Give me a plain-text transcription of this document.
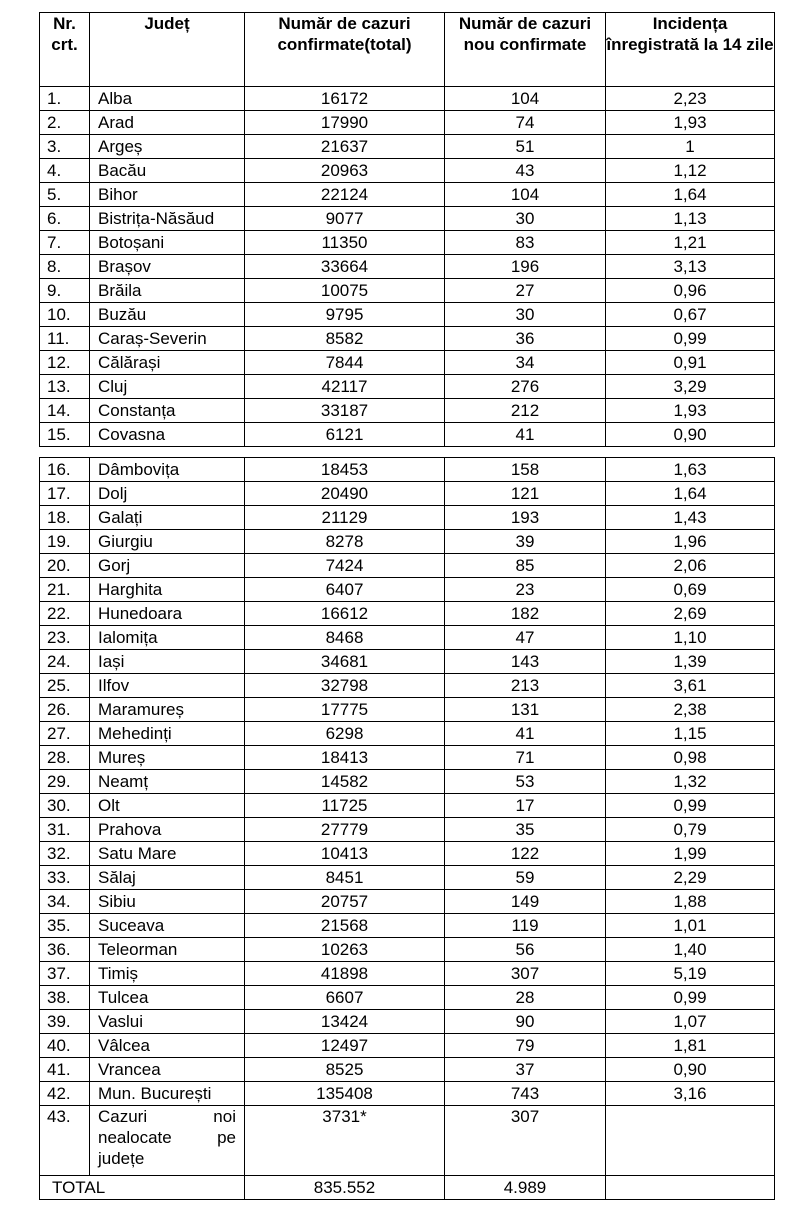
Nr. crt.	Județ	Număr de cazuri confirmate(total)	Număr de cazuri nou confirmate	Incidența înregistrată la 14 zile
1.	Alba	16172	104	2,23
2.	Arad	17990	74	1,93
3.	Argeș	21637	51	1
4.	Bacău	20963	43	1,12
5.	Bihor	22124	104	1,64
6.	Bistrița-Năsăud	9077	30	1,13
7.	Botoșani	11350	83	1,21
8.	Brașov	33664	196	3,13
9.	Brăila	10075	27	0,96
10.	Buzău	9795	30	0,67
11.	Caraș-Severin	8582	36	0,99
12.	Călărași	7844	34	0,91
13.	Cluj	42117	276	3,29
14.	Constanța	33187	212	1,93
15.	Covasna	6121	41	0,90
16.	Dâmbovița	18453	158	1,63
17.	Dolj	20490	121	1,64
18.	Galați	21129	193	1,43
19.	Giurgiu	8278	39	1,96
20.	Gorj	7424	85	2,06
21.	Harghita	6407	23	0,69
22.	Hunedoara	16612	182	2,69
23.	Ialomița	8468	47	1,10
24.	Iași	34681	143	1,39
25.	Ilfov	32798	213	3,61
26.	Maramureș	17775	131	2,38
27.	Mehedinți	6298	41	1,15
28.	Mureș	18413	71	0,98
29.	Neamț	14582	53	1,32
30.	Olt	11725	17	0,99
31.	Prahova	27779	35	0,79
32.	Satu Mare	10413	122	1,99
33.	Sălaj	8451	59	2,29
34.	Sibiu	20757	149	1,88
35.	Suceava	21568	119	1,01
36.	Teleorman	10263	56	1,40
37.	Timiș	41898	307	5,19
38.	Tulcea	6607	28	0,99
39.	Vaslui	13424	90	1,07
40.	Vâlcea	12497	79	1,81
41.	Vrancea	8525	37	0,90
42.	Mun. București	135408	743	3,16
43.	Cazuri noi nealocate pe județe	3731*	307	
TOTAL		835.552	4.989	
